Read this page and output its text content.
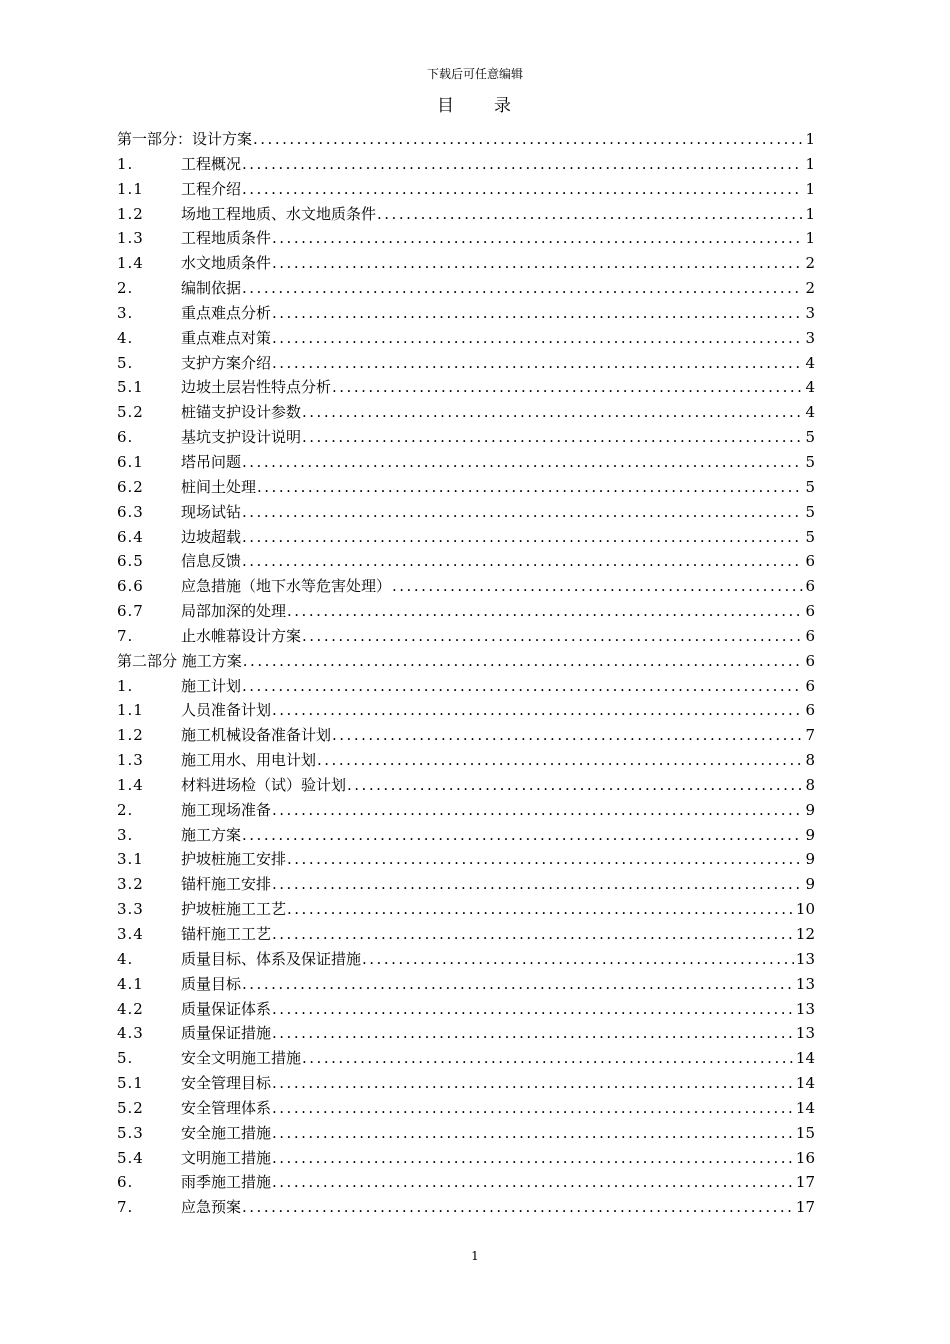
下载后可任意编辑
目　　录
第一部分：设计方案 .....	1
1.	工程概况 .....	1
1.1	工程介绍 .....	1
1.2	场地工程地质、水文地质条件 .....	1
1.3	工程地质条件 .....	1
1.4	水文地质条件 .....	2
2.	编制依据 .....	2
3.	重点难点分析 .....	3
4.	重点难点对策 .....	3
5.	支护方案介绍 .....	4
5.1	边坡土层岩性特点分析 .....	4
5.2	桩锚支护设计参数 .....	4
6.	基坑支护设计说明 .....	5
6.1	塔吊问题 .....	5
6.2	桩间土处理 .....	5
6.3	现场试钻 .....	5
6.4	边坡超载 .....	5
6.5	信息反馈 .....	6
6.6	应急措施（地下水等危害处理） .....	6
6.7	局部加深的处理 .....	6
7.	止水帷幕设计方案 .....	6
第二部分 施工方案 .....	6
1.	施工计划 .....	6
1.1	人员准备计划 .....	6
1.2	施工机械设备准备计划 .....	7
1.3	施工用水、用电计划 .....	8
1.4	材料进场检（试）验计划 .....	8
2.	施工现场准备 .....	9
3.	施工方案 .....	9
3.1	护坡桩施工安排 .....	9
3.2	锚杆施工安排 .....	9
3.3	护坡桩施工工艺 .....	10
3.4	锚杆施工工艺 .....	12
4.	质量目标、体系及保证措施 .....	13
4.1	质量目标 .....	13
4.2	质量保证体系 .....	13
4.3	质量保证措施 .....	13
5.	安全文明施工措施 .....	14
5.1	安全管理目标 .....	14
5.2	安全管理体系 .....	14
5.3	安全施工措施 .....	15
5.4	文明施工措施 .....	16
6.	雨季施工措施 .....	17
7.	应急预案 .....	17
1
